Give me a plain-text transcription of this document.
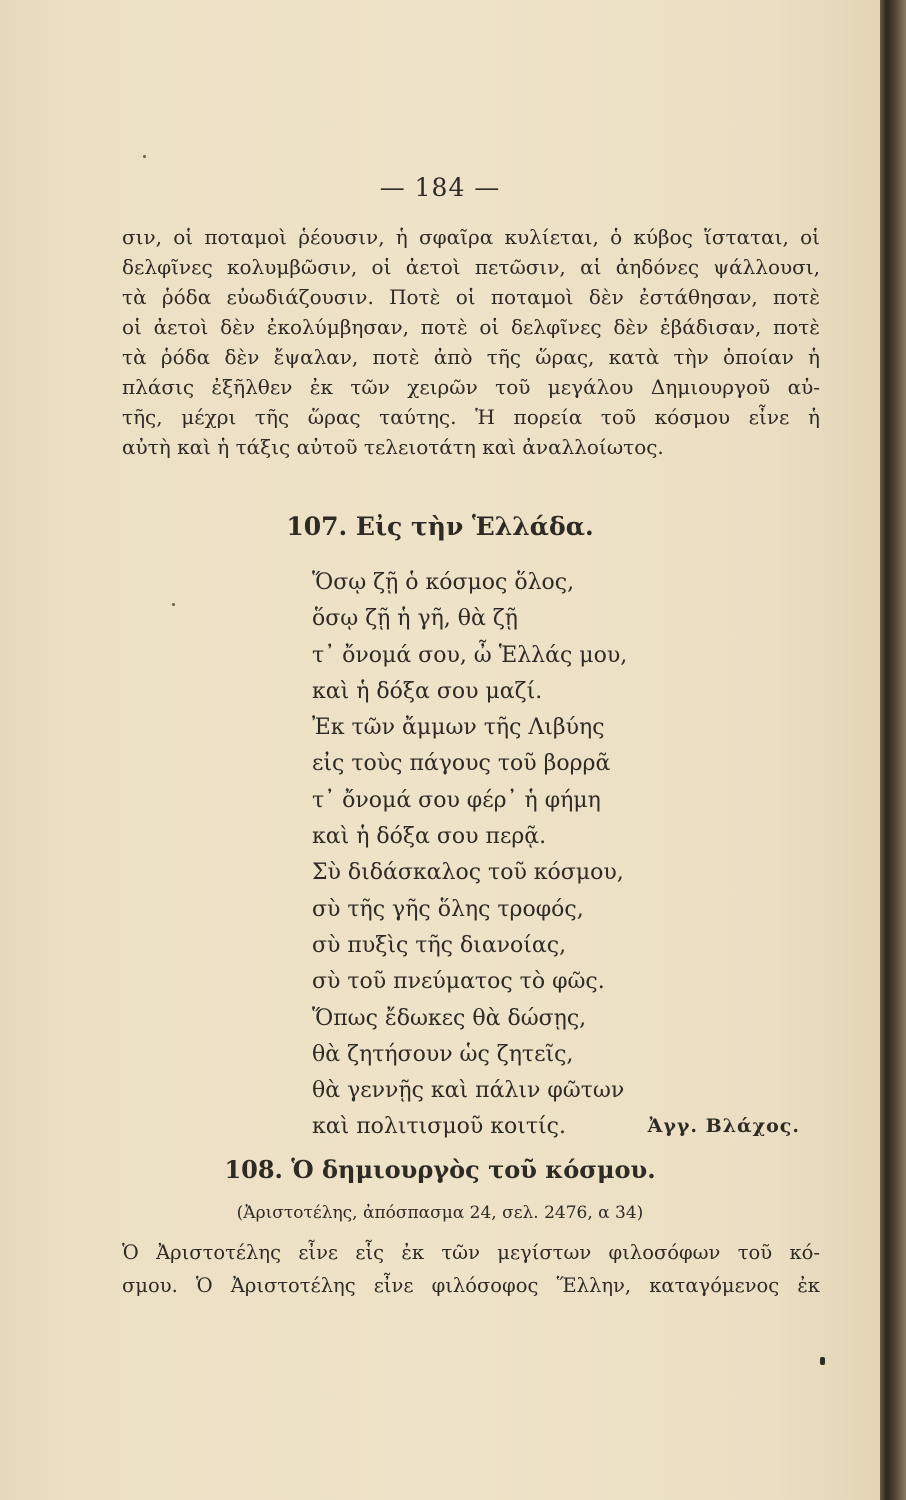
— 184 —
σιν, οἱ ποταμοὶ ῥέουσιν, ἡ σφαῖρα κυλίεται, ὁ κύβος ἵσταται, οἱ
δελφῖνες κολυμβῶσιν, οἱ ἀετοὶ πετῶσιν, αἱ ἀηδόνες ψάλλουσι,
τὰ ῥόδα εὐωδιάζουσιν. Ποτὲ οἱ ποταμοὶ δὲν ἐστάθησαν, ποτὲ
οἱ ἀετοὶ δὲν ἐκολύμβησαν, ποτὲ οἱ δελφῖνες δὲν ἐβάδισαν, ποτὲ
τὰ ῥόδα δὲν ἔψαλαν, ποτὲ ἀπὸ τῆς ὥρας, κατὰ τὴν ὁποίαν ἡ
πλάσις ἐξῆλθεν ἐκ τῶν χειρῶν τοῦ μεγάλου Δημιουργοῦ αὐ-
τῆς, μέχρι τῆς ὥρας ταύτης. Ἡ πορεία τοῦ κόσμου εἶνε ἡ
αὐτὴ καὶ ἡ τάξις αὐτοῦ τελειοτάτη καὶ ἀναλλοίωτος.
107. Εἰς τὴν Ἑλλάδα.
Ὅσῳ ζῇ ὁ κόσμος ὅλος,
ὅσῳ ζῇ ἡ γῆ, θὰ ζῇ
τ᾽ ὄνομά σου, ὦ Ἑλλάς μου,
καὶ ἡ δόξα σου μαζί.
Ἐκ τῶν ἄμμων τῆς Λιβύης
εἰς τοὺς πάγους τοῦ βορρᾶ
τ᾽ ὄνομά σου φέρ᾽ ἡ φήμη
καὶ ἡ δόξα σου περᾷ.
Σὺ διδάσκαλος τοῦ κόσμου,
σὺ τῆς γῆς ὅλης τροφός,
σὺ πυξὶς τῆς διανοίας,
σὺ τοῦ πνεύματος τὸ φῶς.
Ὅπως ἔδωκες θὰ δώσῃς,
θὰ ζητήσουν ὡς ζητεῖς,
θὰ γεννῇς καὶ πάλιν φῶτων
καὶ πολιτισμοῦ κοιτίς.	Ἀγγ. Βλάχος.
108. Ὁ δημιουργὸς τοῦ κόσμου.
(Ἀριστοτέλης, ἀπόσπασμα 24, σελ. 2476, α 34)
Ὁ Ἀριστοτέλης εἶνε εἷς ἐκ τῶν μεγίστων φιλοσόφων τοῦ κό-
σμου. Ὁ Ἀριστοτέλης εἶνε φιλόσοφος Ἕλλην, καταγόμενος ἐκ
